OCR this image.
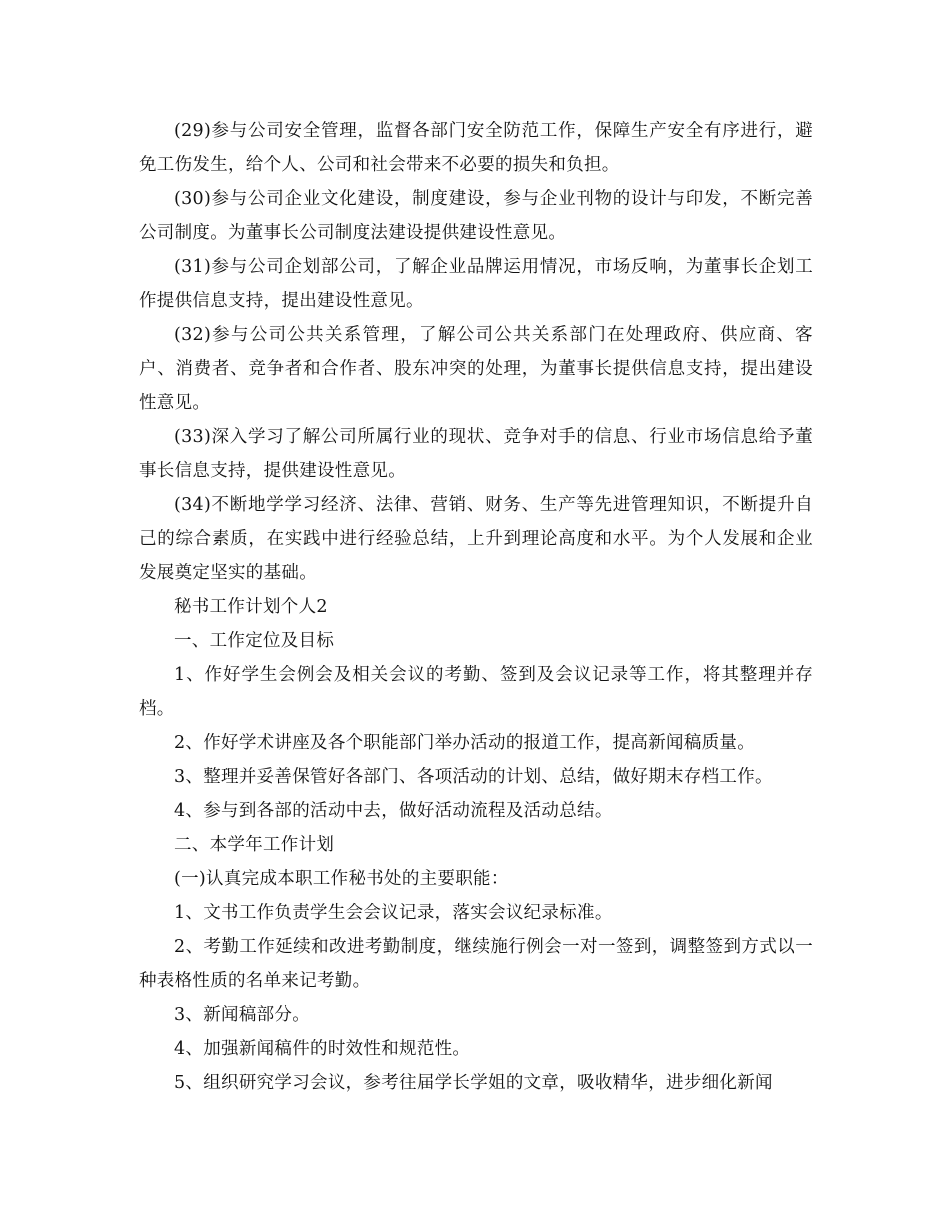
(29)参与公司安全管理，监督各部门安全防范工作，保障生产安全有序进行，避免工伤发生，给个人、公司和社会带来不必要的损失和负担。

(30)参与公司企业文化建设，制度建设，参与企业刊物的设计与印发，不断完善公司制度。为董事长公司制度法建设提供建设性意见。

(31)参与公司企划部公司，了解企业品牌运用情况，市场反响，为董事长企划工作提供信息支持，提出建设性意见。

(32)参与公司公共关系管理，了解公司公共关系部门在处理政府、供应商、客户、消费者、竞争者和合作者、股东冲突的处理，为董事长提供信息支持，提出建设性意见。

(33)深入学习了解公司所属行业的现状、竞争对手的信息、行业市场信息给予董事长信息支持，提供建设性意见。

(34)不断地学学习经济、法律、营销、财务、生产等先进管理知识，不断提升自己的综合素质，在实践中进行经验总结，上升到理论高度和水平。为个人发展和企业发展奠定坚实的基础。

秘书工作计划个人2

一、工作定位及目标

1、作好学生会例会及相关会议的考勤、签到及会议记录等工作，将其整理并存档。

2、作好学术讲座及各个职能部门举办活动的报道工作，提高新闻稿质量。

3、整理并妥善保管好各部门、各项活动的计划、总结，做好期末存档工作。

4、参与到各部的活动中去，做好活动流程及活动总结。

二、本学年工作计划

(一)认真完成本职工作秘书处的主要职能：

1、文书工作负责学生会会议记录，落实会议纪录标准。

2、考勤工作延续和改进考勤制度，继续施行例会一对一签到，调整签到方式以一种表格性质的名单来记考勤。

3、新闻稿部分。

4、加强新闻稿件的时效性和规范性。

5、组织研究学习会议，参考往届学长学姐的文章，吸收精华，进步细化新闻
